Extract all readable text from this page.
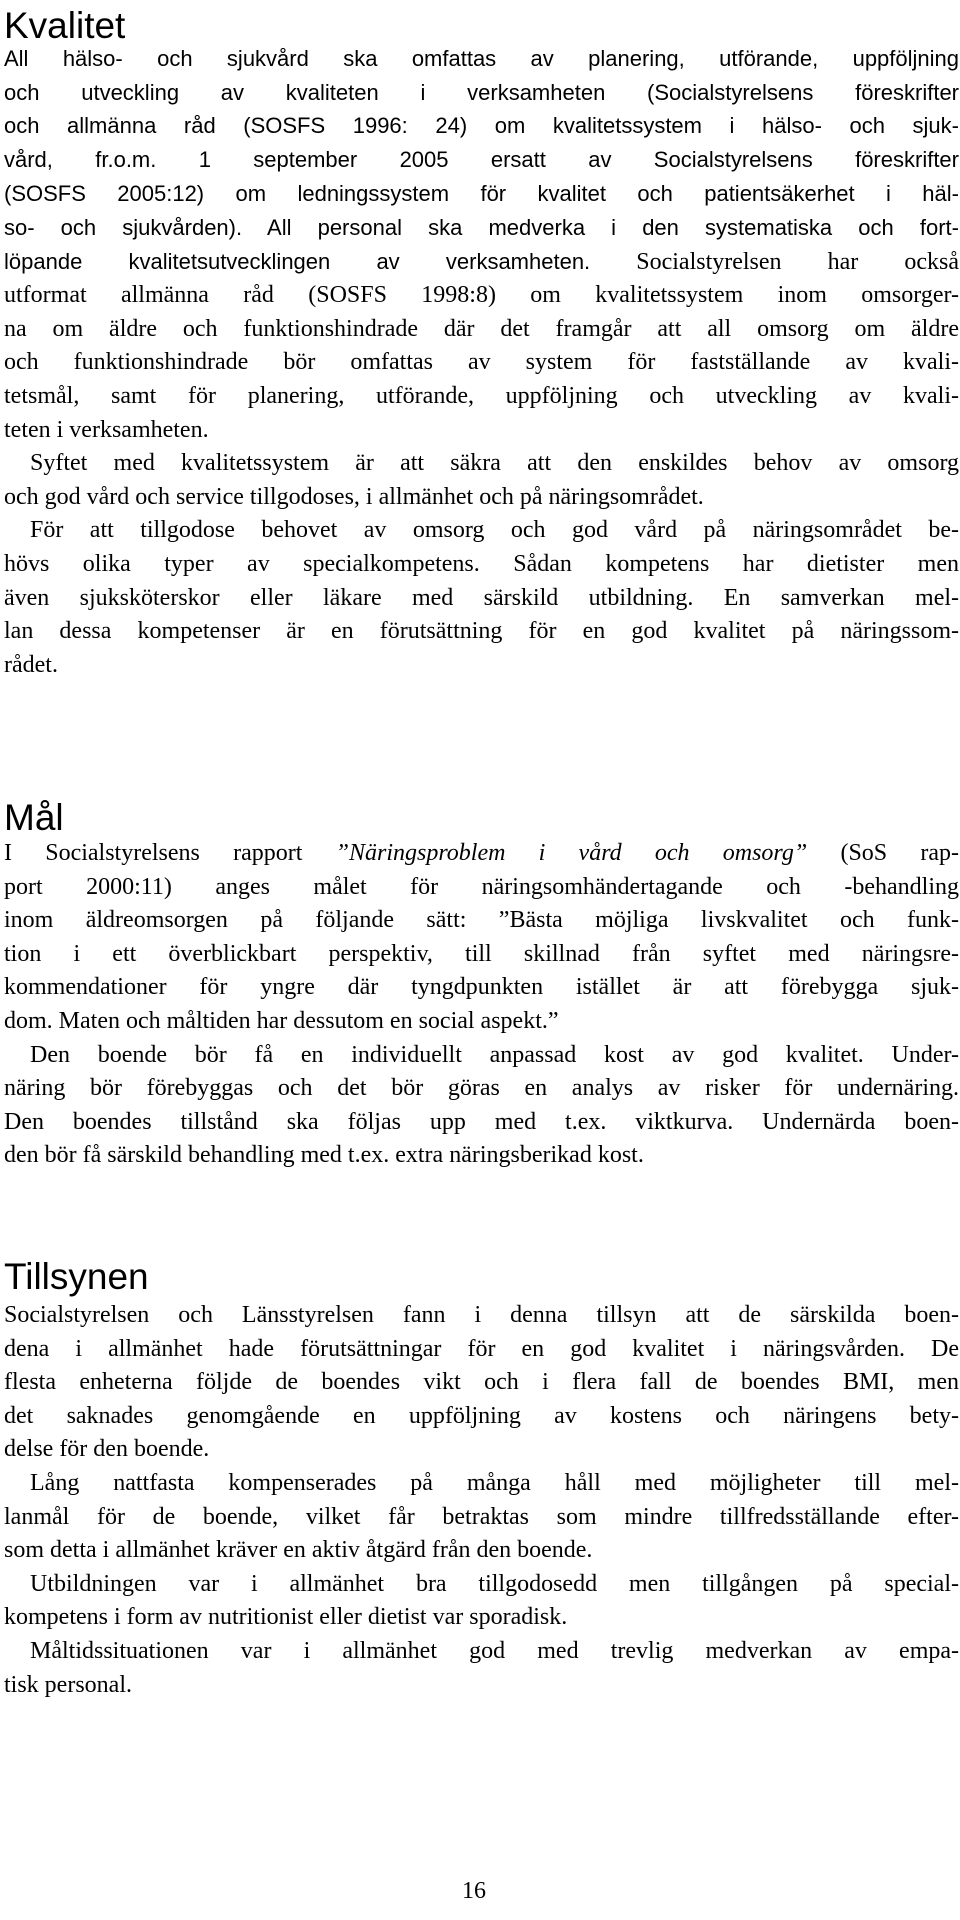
Kvalitet
All hälso- och sjukvård ska omfattas av planering, utförande, uppföljning
och utveckling av kvaliteten i verksamheten (Socialstyrelsens föreskrifter
och allmänna råd (SOSFS 1996: 24) om kvalitetssystem i hälso- och sjuk-
vård, fr.o.m. 1 september 2005 ersatt av Socialstyrelsens föreskrifter
(SOSFS 2005:12) om ledningssystem för kvalitet och patientsäkerhet i häl-
so- och sjukvården). All personal ska medverka i den systematiska och fort-
löpande kvalitetsutvecklingen av verksamheten. Socialstyrelsen har också
utformat allmänna råd (SOSFS 1998:8) om kvalitetssystem inom omsorger-
na om äldre och funktionshindrade där det framgår att all omsorg om äldre
och funktionshindrade bör omfattas av system för fastställande av kvali-
tetsmål, samt för planering, utförande, uppföljning och utveckling av kvali-
teten i verksamheten.
Syftet med kvalitetssystem är att säkra att den enskildes behov av omsorg
och god vård och service tillgodoses, i allmänhet och på näringsområdet.
För att tillgodose behovet av omsorg och god vård på näringsområdet be-
hövs olika typer av specialkompetens. Sådan kompetens har dietister men
även sjuksköterskor eller läkare med särskild utbildning. En samverkan mel-
lan dessa kompetenser är en förutsättning för en god kvalitet på näringssom-
rådet.
Mål
I Socialstyrelsens rapport ”Näringsproblem i vård och omsorg” (SoS rap-
port 2000:11) anges målet för näringsomhändertagande och -behandling
inom äldreomsorgen på följande sätt: ”Bästa möjliga livskvalitet och funk-
tion i ett överblickbart perspektiv, till skillnad från syftet med näringsre-
kommendationer för yngre där tyngdpunkten istället är att förebygga sjuk-
dom. Maten och måltiden har dessutom en social aspekt.”
Den boende bör få en individuellt anpassad kost av god kvalitet. Under-
näring bör förebyggas och det bör göras en analys av risker för undernäring.
Den boendes tillstånd ska följas upp med t.ex. viktkurva. Undernärda boen-
den bör få särskild behandling med t.ex. extra näringsberikad kost.
Tillsynen
Socialstyrelsen och Länsstyrelsen fann i denna tillsyn att de särskilda boen-
dena i allmänhet hade förutsättningar för en god kvalitet i näringsvården. De
flesta enheterna följde de boendes vikt och i flera fall de boendes BMI, men
det saknades genomgående en uppföljning av kostens och näringens bety-
delse för den boende.
Lång nattfasta kompenserades på många håll med möjligheter till mel-
lanmål för de boende, vilket får betraktas som mindre tillfredsställande efter-
som detta i allmänhet kräver en aktiv åtgärd från den boende.
Utbildningen var i allmänhet bra tillgodosedd men tillgången på special-
kompetens i form av nutritionist eller dietist var sporadisk.
Måltidssituationen var i allmänhet god med trevlig medverkan av empa-
tisk personal.
16
